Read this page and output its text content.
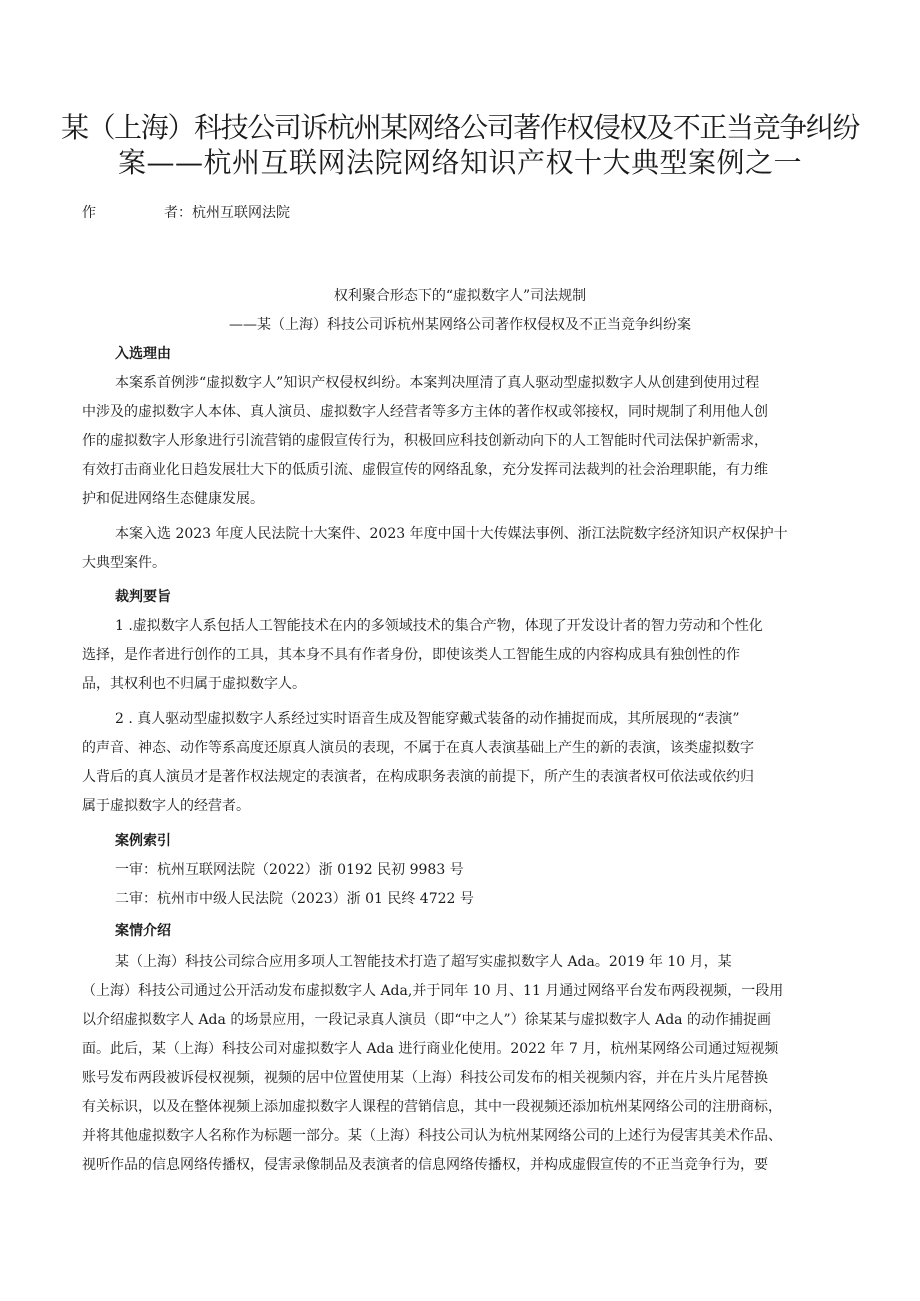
某（上海）科技公司诉杭州某网络公司著作权侵权及不正当竞争纠纷
案——杭州互联网法院网络知识产权十大典型案例之一
作	者：杭州互联网法院
权利聚合形态下的“虚拟数字人”司法规制
——某（上海）科技公司诉杭州某网络公司著作权侵权及不正当竞争纠纷案
入选理由
本案系首例涉“虚拟数字人”知识产权侵权纠纷。本案判决厘清了真人驱动型虚拟数字人从创建到使用过程
中涉及的虚拟数字人本体、真人演员、虚拟数字人经营者等多方主体的著作权或邻接权，同时规制了利用他人创
作的虚拟数字人形象进行引流营销的虚假宣传行为，积极回应科技创新动向下的人工智能时代司法保护新需求，
有效打击商业化日趋发展壮大下的低质引流、虚假宣传的网络乱象，充分发挥司法裁判的社会治理职能，有力维
护和促进网络生态健康发展。
本案入选 2023 年度人民法院十大案件、2023 年度中国十大传媒法事例、浙江法院数字经济知识产权保护十
大典型案件。
裁判要旨
1 .虚拟数字人系包括人工智能技术在内的多领域技术的集合产物，体现了开发设计者的智力劳动和个性化
选择，是作者进行创作的工具，其本身不具有作者身份，即使该类人工智能生成的内容构成具有独创性的作
品，其权利也不归属于虚拟数字人。
2 . 真人驱动型虚拟数字人系经过实时语音生成及智能穿戴式装备的动作捕捉而成，其所展现的“表演”
的声音、神态、动作等系高度还原真人演员的表现，不属于在真人表演基础上产生的新的表演，该类虚拟数字
人背后的真人演员才是著作权法规定的表演者，在构成职务表演的前提下，所产生的表演者权可依法或依约归
属于虚拟数字人的经营者。
案例索引
一审：杭州互联网法院（2022）浙 0192 民初 9983 号
二审：杭州市中级人民法院（2023）浙 01 民终 4722 号
案情介绍
某（上海）科技公司综合应用多项人工智能技术打造了超写实虚拟数字人 Ada。2019 年 10 月，某
（上海）科技公司通过公开活动发布虚拟数字人 Ada,并于同年 10 月、11 月通过网络平台发布两段视频，一段用
以介绍虚拟数字人 Ada 的场景应用，一段记录真人演员（即“中之人”）徐某某与虚拟数字人 Ada 的动作捕捉画
面。此后，某（上海）科技公司对虚拟数字人 Ada 进行商业化使用。2022 年 7 月，杭州某网络公司通过短视频
账号发布两段被诉侵权视频，视频的居中位置使用某（上海）科技公司发布的相关视频内容，并在片头片尾替换
有关标识，以及在整体视频上添加虚拟数字人课程的营销信息，其中一段视频还添加杭州某网络公司的注册商标，
并将其他虚拟数字人名称作为标题一部分。某（上海）科技公司认为杭州某网络公司的上述行为侵害其美术作品、
视听作品的信息网络传播权，侵害录像制品及表演者的信息网络传播权，并构成虚假宣传的不正当竞争行为，要
